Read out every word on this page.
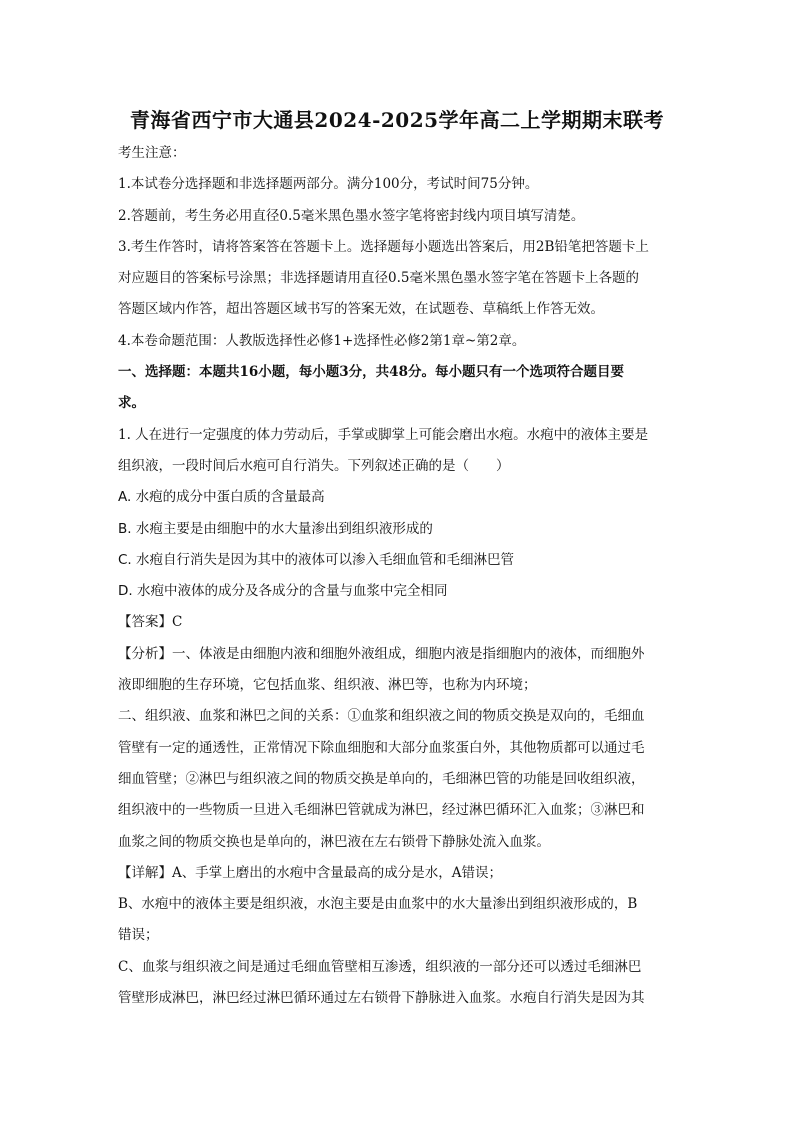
青海省西宁市大通县2024-2025学年高二上学期期末联考

考生注意：

1.本试卷分选择题和非选择题两部分。满分100分，考试时间75分钟。

2.答题前，考生务必用直径0.5毫米黑色墨水签字笔将密封线内项目填写清楚。

3.考生作答时，请将答案答在答题卡上。选择题每小题选出答案后，用2B铅笔把答题卡上

对应题目的答案标号涂黑；非选择题请用直径0.5毫米黑色墨水签字笔在答题卡上各题的

答题区域内作答，超出答题区域书写的答案无效，在试题卷、草稿纸上作答无效。

4.本卷命题范围：人教版选择性必修1+选择性必修2第1章~第2章。

一、选择题：本题共16小题，每小题3分，共48分。每小题只有一个选项符合题目要

求。

1. 人在进行一定强度的体力劳动后，手掌或脚掌上可能会磨出水疱。水疱中的液体主要是

组织液，一段时间后水疱可自行消失。下列叙述正确的是（　　）

A. 水疱的成分中蛋白质的含量最高

B. 水疱主要是由细胞中的水大量渗出到组织液形成的

C. 水疱自行消失是因为其中的液体可以渗入毛细血管和毛细淋巴管

D. 水疱中液体的成分及各成分的含量与血浆中完全相同

【答案】C

【分析】一、体液是由细胞内液和细胞外液组成，细胞内液是指细胞内的液体，而细胞外

液即细胞的生存环境，它包括血浆、组织液、淋巴等，也称为内环境；

二、组织液、血浆和淋巴之间的关系：①血浆和组织液之间的物质交换是双向的，毛细血

管壁有一定的通透性，正常情况下除血细胞和大部分血浆蛋白外，其他物质都可以通过毛

细血管壁；②淋巴与组织液之间的物质交换是单向的，毛细淋巴管的功能是回收组织液，

组织液中的一些物质一旦进入毛细淋巴管就成为淋巴，经过淋巴循环汇入血浆；③淋巴和

血浆之间的物质交换也是单向的，淋巴液在左右锁骨下静脉处流入血浆。

【详解】A、手掌上磨出的水疱中含量最高的成分是水，A错误；

B、水疱中的液体主要是组织液，水泡主要是由血浆中的水大量渗出到组织液形成的，B

错误；

C、血浆与组织液之间是通过毛细血管壁相互渗透，组织液的一部分还可以透过毛细淋巴

管壁形成淋巴，淋巴经过淋巴循环通过左右锁骨下静脉进入血浆。水疱自行消失是因为其
